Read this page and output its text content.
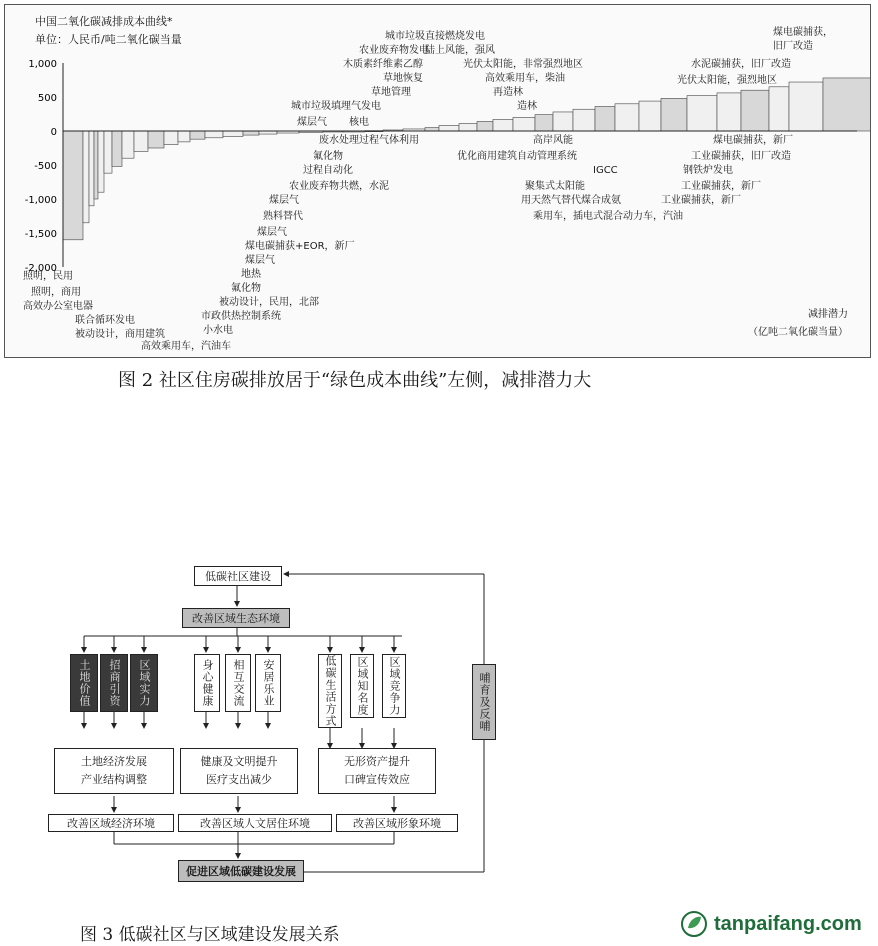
1,000
500
0
-500
-1,000
-1,500
-2,000
中国二氧化碳减排成本曲线*
单位：人民币/吨二氧化碳当量
减排潜力
（亿吨二氧化碳当量）
煤电碳捕获，
旧厂改造
城市垃圾直接燃烧发电
农业废弃物发电
陆上风能，强风
木质素纤维素乙醇	光伏太阳能，非常强烈地区	水泥碳捕获，旧厂改造
草地恢复	高效乘用车，柴油	光伏太阳能，强烈地区
草地管理	再造林
城市垃圾填埋气发电	造林
煤层气 核电
废水处理过程气体利用	高岸风能	煤电碳捕获，新厂
氟化物	优化商用建筑自动管理系统	工业碳捕获，旧厂改造
过程自动化	IGCC	钢铁炉发电
农业废弃物共燃，水泥	聚集式太阳能	工业碳捕获，新厂
煤层气	用天然气替代煤合成氨	工业碳捕获，新厂
熟料替代	乘用车，插电式混合动力车，汽油
煤层气
煤电碳捕获+EOR，新厂
煤层气
地热
氟化物
被动设计，民用，北部
市政供热控制系统
小水电
高效乘用车，汽油车
照明，民用
照明，商用
高效办公室电器
联合循环发电
被动设计，商用建筑
图 2 社区住房碳排放居于“绿色成本曲线”左侧，减排潜力大
低碳社区建设
改善区域生态环境
土地价值	招商引资	区域实力	身心健康	相互交流	安居乐业	低碳生活方式	区域知名度	区域竞争力	哺育及反哺
土地经济发展
产业结构调整
健康及文明提升
医疗支出减少
无形资产提升
口碑宣传效应
改善区域经济环境	改善区域人文居住环境	改善区域形象环境
促进区域低碳建设发展
图 3 低碳社区与区域建设发展关系
tanpaifang.com
